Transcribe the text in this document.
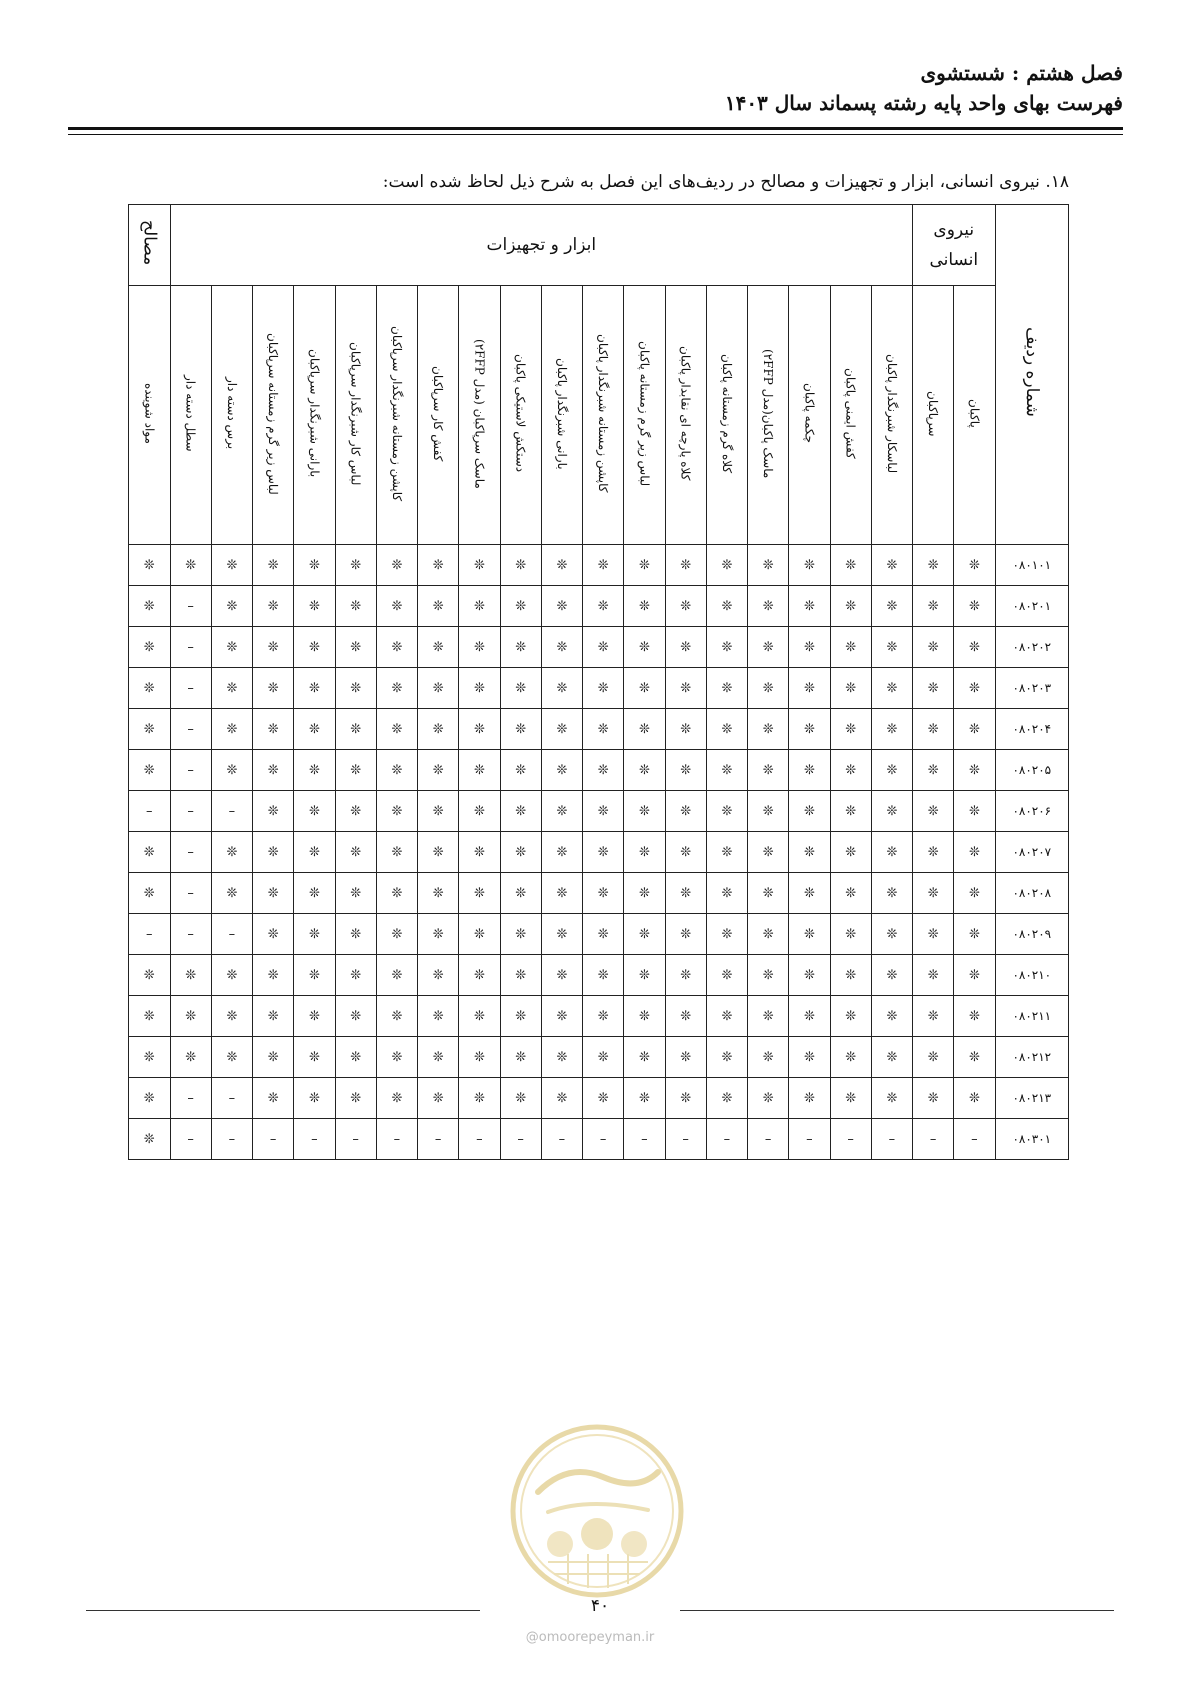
فصل هشتم : شستشوی
فهرست بهای واحد پایه رشته پسماند سال ۱۴۰۳
۱۸. نیروی انسانی، ابزار و تجهیزات و مصالح در ردیف‌های این فصل به شرح ذیل لحاظ شده است:
شماره ردیف	نیروی انسانی		ابزار و تجهیزات																		مصالح
	پاکبان	سرپاکبان	لباسکار شبرنگدار پاکبان	کفش ایمنی پاکبان	چکمه پاکبان	ماسک پاکبان(مدل ۲FFP)	کلاه گرم زمستانه پاکبان	کلاه پارچه ای نقابدار پاکبان	لباس زیر گرم زمستانه پاکبان	کاپشن زمستانه شبرنگدار پاکبان	بارانی شبرنگدار پاکبان	دستکش لاستیکی پاکبان	ماسک سرپاکبان (مدل ۲FFP)	کفش کار سرپاکبان	کاپشن زمستانه شبرنگدار سرپاکبان	لباس کار شبرنگدار سرپاکبان	بارانی شبرنگدار سرپاکبان	لباس زیر گرم زمستانه سرپاکبان	برس دسته دار	سطل دسته دار	مواد شوینده
۰۸۰۱۰۱	❊	❊	❊	❊	❊	❊	❊	❊	❊	❊	❊	❊	❊	❊	❊	❊	❊	❊	❊	❊	❊
۰۸۰۲۰۱	❊	❊	❊	❊	❊	❊	❊	❊	❊	❊	❊	❊	❊	❊	❊	❊	❊	❊	❊	–	❊
۰۸۰۲۰۲	❊	❊	❊	❊	❊	❊	❊	❊	❊	❊	❊	❊	❊	❊	❊	❊	❊	❊	❊	–	❊
۰۸۰۲۰۳	❊	❊	❊	❊	❊	❊	❊	❊	❊	❊	❊	❊	❊	❊	❊	❊	❊	❊	❊	–	❊
۰۸۰۲۰۴	❊	❊	❊	❊	❊	❊	❊	❊	❊	❊	❊	❊	❊	❊	❊	❊	❊	❊	❊	–	❊
۰۸۰۲۰۵	❊	❊	❊	❊	❊	❊	❊	❊	❊	❊	❊	❊	❊	❊	❊	❊	❊	❊	❊	–	❊
۰۸۰۲۰۶	❊	❊	❊	❊	❊	❊	❊	❊	❊	❊	❊	❊	❊	❊	❊	❊	❊	❊	–	–	–
۰۸۰۲۰۷	❊	❊	❊	❊	❊	❊	❊	❊	❊	❊	❊	❊	❊	❊	❊	❊	❊	❊	❊	–	❊
۰۸۰۲۰۸	❊	❊	❊	❊	❊	❊	❊	❊	❊	❊	❊	❊	❊	❊	❊	❊	❊	❊	❊	–	❊
۰۸۰۲۰۹	❊	❊	❊	❊	❊	❊	❊	❊	❊	❊	❊	❊	❊	❊	❊	❊	❊	❊	–	–	–
۰۸۰۲۱۰	❊	❊	❊	❊	❊	❊	❊	❊	❊	❊	❊	❊	❊	❊	❊	❊	❊	❊	❊	❊	❊
۰۸۰۲۱۱	❊	❊	❊	❊	❊	❊	❊	❊	❊	❊	❊	❊	❊	❊	❊	❊	❊	❊	❊	❊	❊
۰۸۰۲۱۲	❊	❊	❊	❊	❊	❊	❊	❊	❊	❊	❊	❊	❊	❊	❊	❊	❊	❊	❊	❊	❊
۰۸۰۲۱۳	❊	❊	❊	❊	❊	❊	❊	❊	❊	❊	❊	❊	❊	❊	❊	❊	❊	❊	–	–	❊
۰۸۰۳۰۱	–	–	–	–	–	–	–	–	–	–	–	–	–	–	–	–	–	–	–	–	❊
۴۰
@omoorepeyman.ir
